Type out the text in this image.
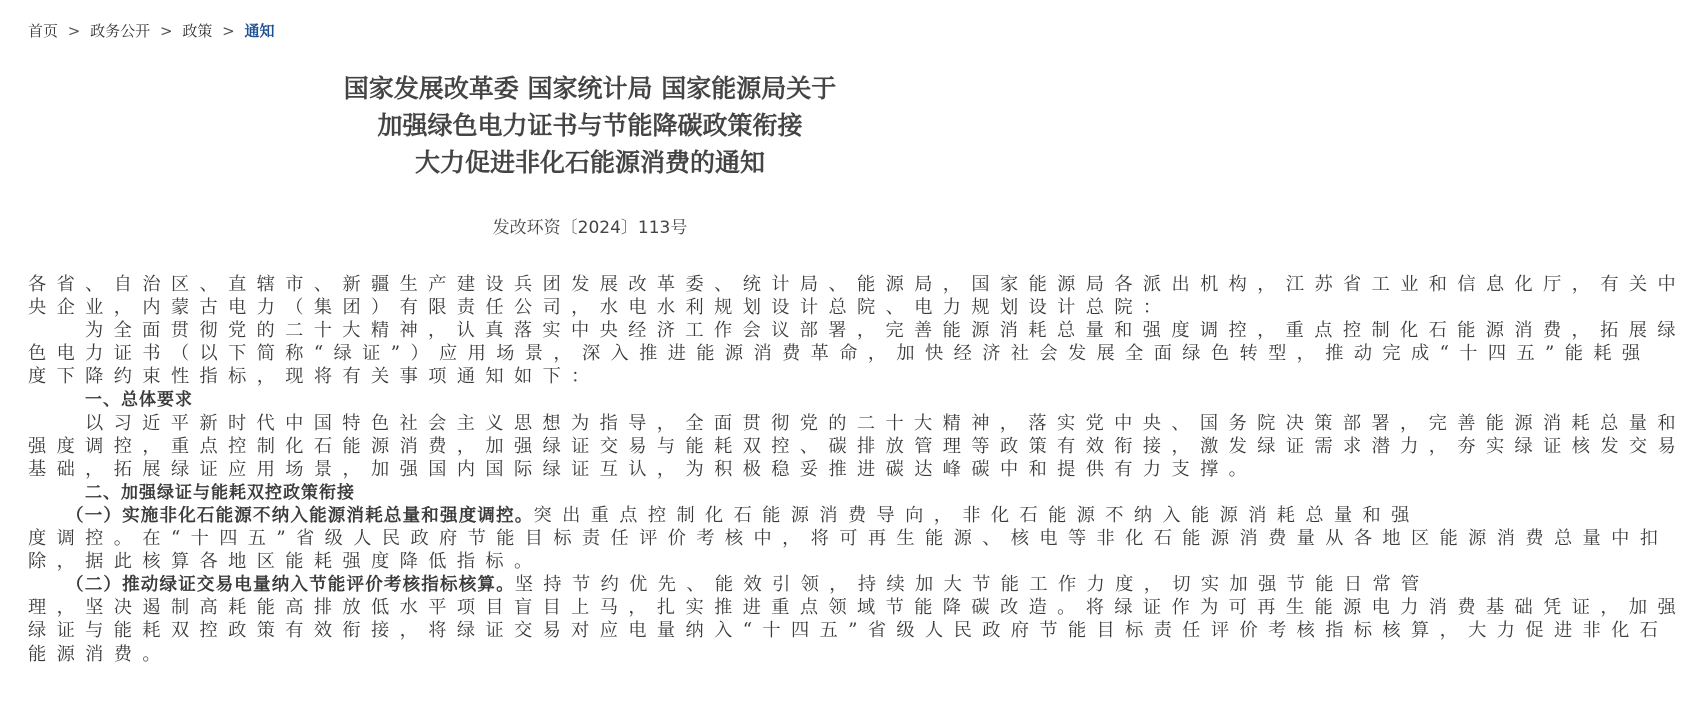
首页 > 政务公开 > 政策 > 通知
国家发展改革委 国家统计局 国家能源局关于
加强绿色电力证书与节能降碳政策衔接
大力促进非化石能源消费的通知
发改环资〔2024〕113号
各省、自治区、直辖市、新疆生产建设兵团发展改革委、统计局、能源局，国家能源局各派出机构，江苏省工业和信息化厅，有关中
央企业，内蒙古电力（集团）有限责任公司，水电水利规划设计总院、电力规划设计总院：
为全面贯彻党的二十大精神，认真落实中央经济工作会议部署，完善能源消耗总量和强度调控，重点控制化石能源消费，拓展绿
色电力证书（以下简称“绿证”）应用场景，深入推进能源消费革命，加快经济社会发展全面绿色转型，推动完成“十四五”能耗强
度下降约束性指标，现将有关事项通知如下：
一、总体要求
以习近平新时代中国特色社会主义思想为指导，全面贯彻党的二十大精神，落实党中央、国务院决策部署，完善能源消耗总量和
强度调控，重点控制化石能源消费，加强绿证交易与能耗双控、碳排放管理等政策有效衔接，激发绿证需求潜力，夯实绿证核发交易
基础，拓展绿证应用场景，加强国内国际绿证互认，为积极稳妥推进碳达峰碳中和提供有力支撑。
二、加强绿证与能耗双控政策衔接
（一）实施非化石能源不纳入能源消耗总量和强度调控。突出重点控制化石能源消费导向，非化石能源不纳入能源消耗总量和强
度调控。在“十四五”省级人民政府节能目标责任评价考核中，将可再生能源、核电等非化石能源消费量从各地区能源消费总量中扣
除，据此核算各地区能耗强度降低指标。
（二）推动绿证交易电量纳入节能评价考核指标核算。坚持节约优先、能效引领，持续加大节能工作力度，切实加强节能日常管
理，坚决遏制高耗能高排放低水平项目盲目上马，扎实推进重点领域节能降碳改造。将绿证作为可再生能源电力消费基础凭证，加强
绿证与能耗双控政策有效衔接，将绿证交易对应电量纳入“十四五”省级人民政府节能目标责任评价考核指标核算，大力促进非化石
能源消费。
